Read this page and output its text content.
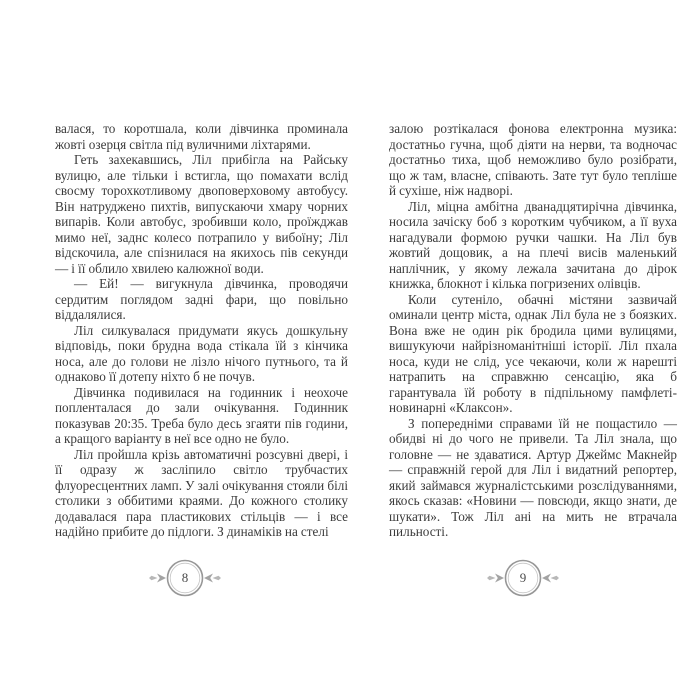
валася, то коротшала, коли дівчинка проминала жовті озерця світла під вуличними ліхтарями.

Геть захекавшись, Ліл прибігла на Райську вулицю, але тільки і встигла, що помахати вслід свосму торохкотливому двоповерховому автобусу. Він натруджено пихтів, випускаючи хмару чорних випарів. Коли автобус, зробивши коло, проїжджав мимо неї, заднс колесо потрапило у вибоїну; Ліл відскочила, але спізнилася на якихось пів секунди — і її облило хвилею калюжної води.

— Ей! — вигукнула дівчинка, проводячи сердитим поглядом задні фари, що повільно віддалялися.

Ліл силкувалася придумати якусь дошкульну відповідь, поки брудна вода стікала їй з кінчика носа, але до голови не лізло нічого путнього, та й однаково її дотепу ніхто б не почув.

Дівчинка подивилася на годинник і неохоче попленталася до зали очікування. Годинник показував 20:35. Треба було десь згаяти пів години, а кращого варіанту в неї все одно не було.

Ліл пройшла крізь автоматичні розсувні двері, і її одразу ж засліпило світло трубчастих флуоресцентних ламп. У залі очікування стояли білі столики з оббитими краями. До кожного столику додавалася пара пластикових стільців — і все надійно прибите до підлоги. З динаміків на стелі

залою розтікалася фонова електронна музика: достатньо гучна, щоб діяти на нерви, та водночас достатньо тиха, щоб неможливо було розібрати, що ж там, власне, співають. Зате тут було тепліше й сухіше, ніж надворі.

Ліл, міцна амбітна дванадцятирічна дівчинка, носила зачіску боб з коротким чубчиком, а її вуха нагадували формою ручки чашки. На Ліл був жовтий дощовик, а на плечі висів маленький наплічник, у якому лежала зачитана до дірок книжка, блокнот і кілька погризених олівців.

Коли сутеніло, обачні містяни зазвичай оминали центр міста, однак Ліл була не з боязких. Вона вже не один рік бродила цими вулицями, вишукуючи найрізноманітніші історії. Ліл пхала носа, куди не слід, усе чекаючи, коли ж нарешті натрапить на справжню сенсацію, яка б гарантувала їй роботу в підпільному памфлеті-новинарні «Клаксон».

З попередніми справами їй не пощастило — обидві ні до чого не привели. Та Ліл знала, що головне — не здаватися. Артур Джеймс Макнейр — справжній герой для Ліл і видатний репортер, який займався журналістськими розслідуваннями, якось сказав: «Новини — повсюди, якщо знати, де шукати». Тож Ліл ані на мить не втрачала пильності.

8	9
